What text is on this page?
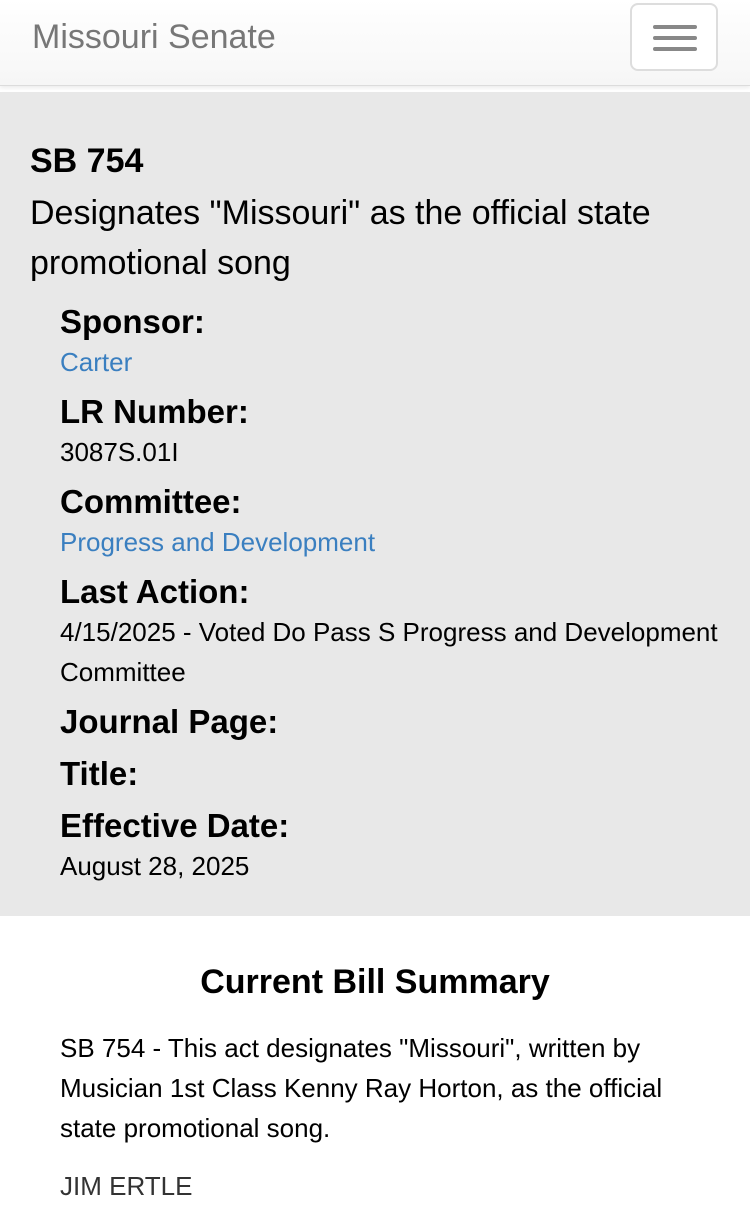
Missouri Senate

SB 754

Designates "Missouri" as the official state promotional song

Sponsor:

Carter

LR Number:

3087S.01I

Committee:

Progress and Development

Last Action:

4/15/2025 - Voted Do Pass S Progress and Development Committee

Journal Page:

Title:

Effective Date:

August 28, 2025

Current Bill Summary

SB 754 - This act designates "Missouri", written by Musician 1st Class Kenny Ray Horton, as the official state promotional song.

JIM ERTLE
